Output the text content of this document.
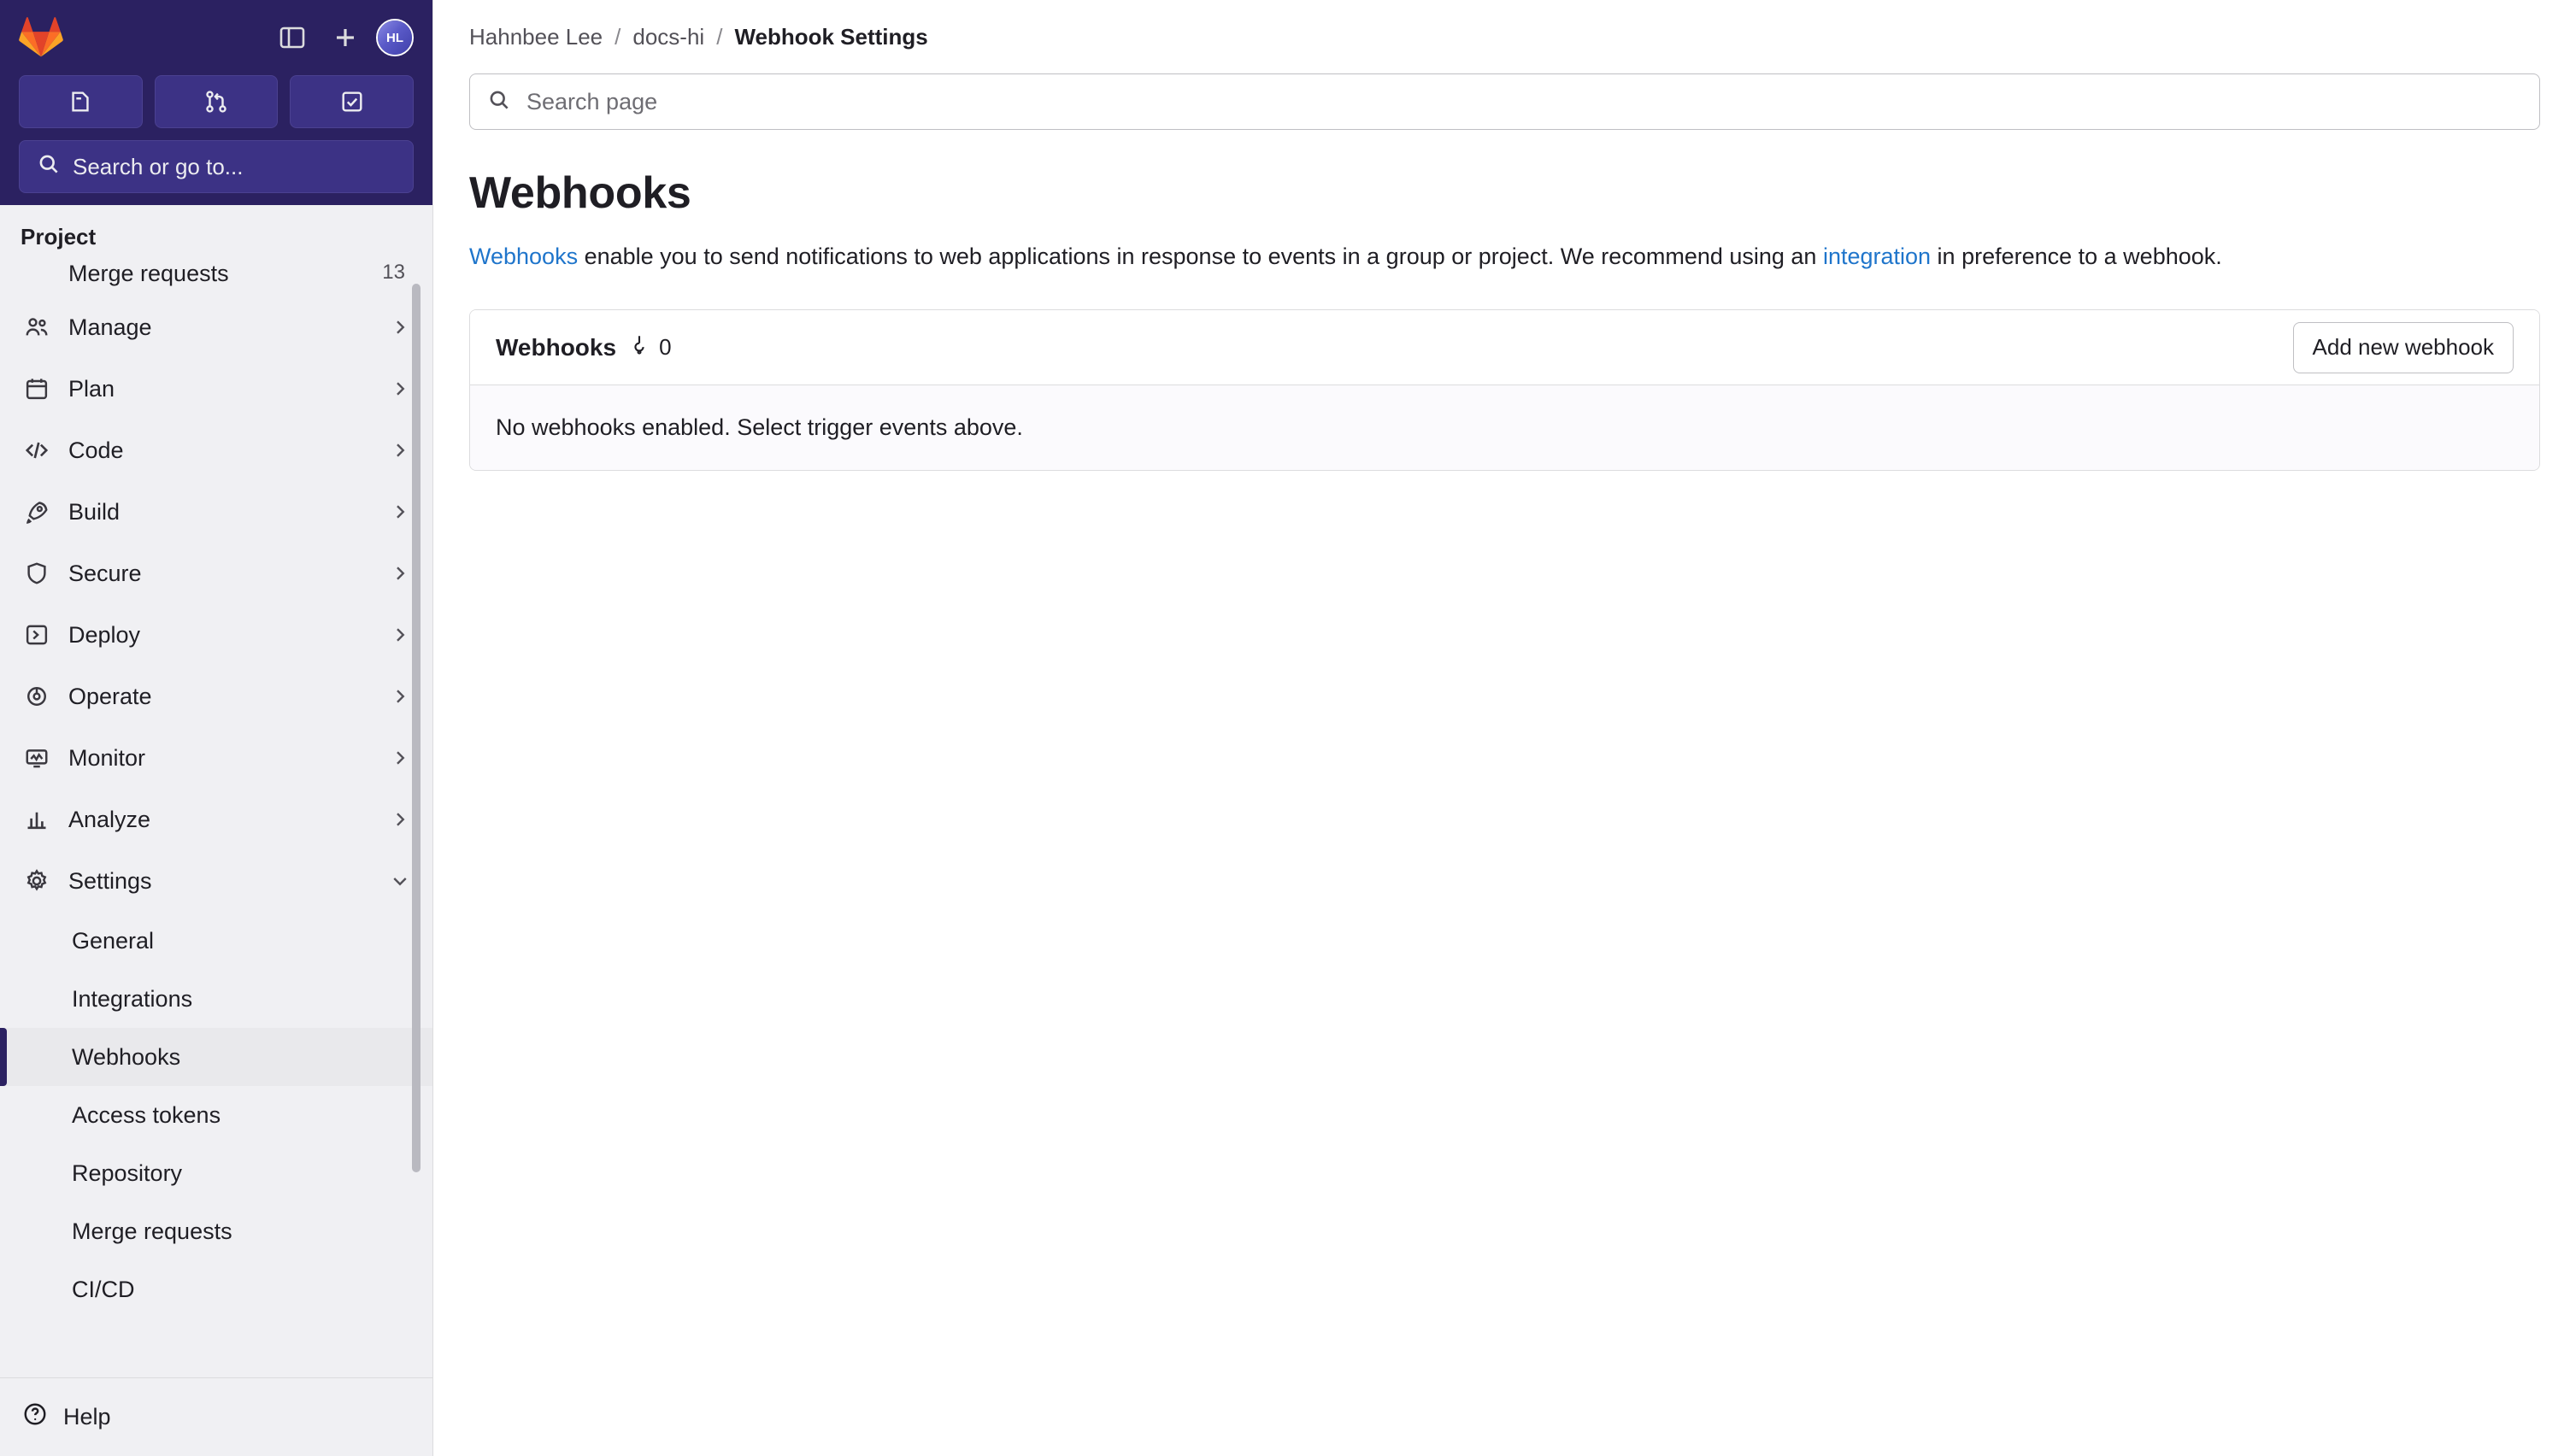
HL
Search or go to...
Project
Merge requests	13
Manage
Plan
Code
Build
Secure
Deploy
Operate
Monitor
Analyze
Settings
General
Integrations
Webhooks
Access tokens
Repository
Merge requests
CI/CD
Help
Hahnbee Lee / docs-hi / Webhook Settings
Search page
Webhooks
Webhooks enable you to send notifications to web applications in response to events in a group or project. We recommend using an integration in preference to a webhook.
Webhooks 0	Add new webhook
No webhooks enabled. Select trigger events above.
